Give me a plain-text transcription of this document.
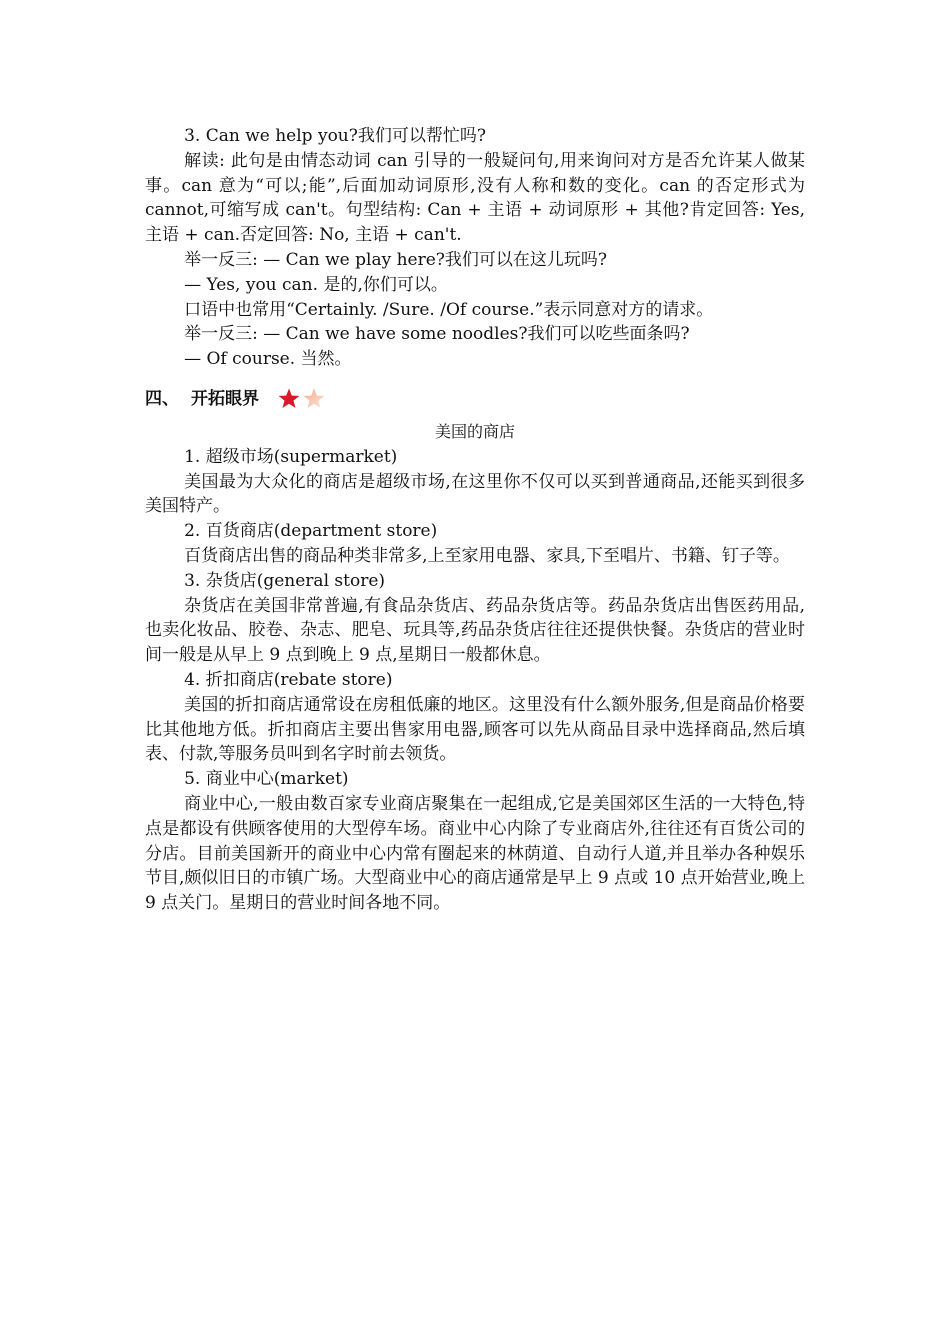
3. Can we help you?我们可以帮忙吗?

解读: 此句是由情态动词 can 引导的一般疑问句,用来询问对方是否允许某人做某事。can 意为“可以;能”,后面加动词原形,没有人称和数的变化。can 的否定形式为 cannot,可缩写成 can't。句型结构: Can + 主语 + 动词原形 + 其他?肯定回答: Yes, 主语 + can.否定回答: No, 主语 + can't.

举一反三: — Can we play here?我们可以在这儿玩吗?

— Yes, you can. 是的,你们可以。

口语中也常用“Certainly. /Sure. /Of course.”表示同意对方的请求。

举一反三: — Can we have some noodles?我们可以吃些面条吗?

— Of course. 当然。

四、 开拓眼界
美国的商店

1. 超级市场(supermarket)

美国最为大众化的商店是超级市场,在这里你不仅可以买到普通商品,还能买到很多美国特产。

2. 百货商店(department store)

百货商店出售的商品种类非常多,上至家用电器、家具,下至唱片、书籍、钉子等。

3. 杂货店(general store)

杂货店在美国非常普遍,有食品杂货店、药品杂货店等。药品杂货店出售医药用品,也卖化妆品、胶卷、杂志、肥皂、玩具等,药品杂货店往往还提供快餐。杂货店的营业时间一般是从早上 9 点到晚上 9 点,星期日一般都休息。

4. 折扣商店(rebate store)

美国的折扣商店通常设在房租低廉的地区。这里没有什么额外服务,但是商品价格要比其他地方低。折扣商店主要出售家用电器,顾客可以先从商品目录中选择商品,然后填表、付款,等服务员叫到名字时前去领货。

5. 商业中心(market)

商业中心,一般由数百家专业商店聚集在一起组成,它是美国郊区生活的一大特色,特点是都设有供顾客使用的大型停车场。商业中心内除了专业商店外,往往还有百货公司的分店。目前美国新开的商业中心内常有圈起来的林荫道、自动行人道,并且举办各种娱乐节目,颇似旧日的市镇广场。大型商业中心的商店通常是早上 9 点或 10 点开始营业,晚上 9 点关门。星期日的营业时间各地不同。
